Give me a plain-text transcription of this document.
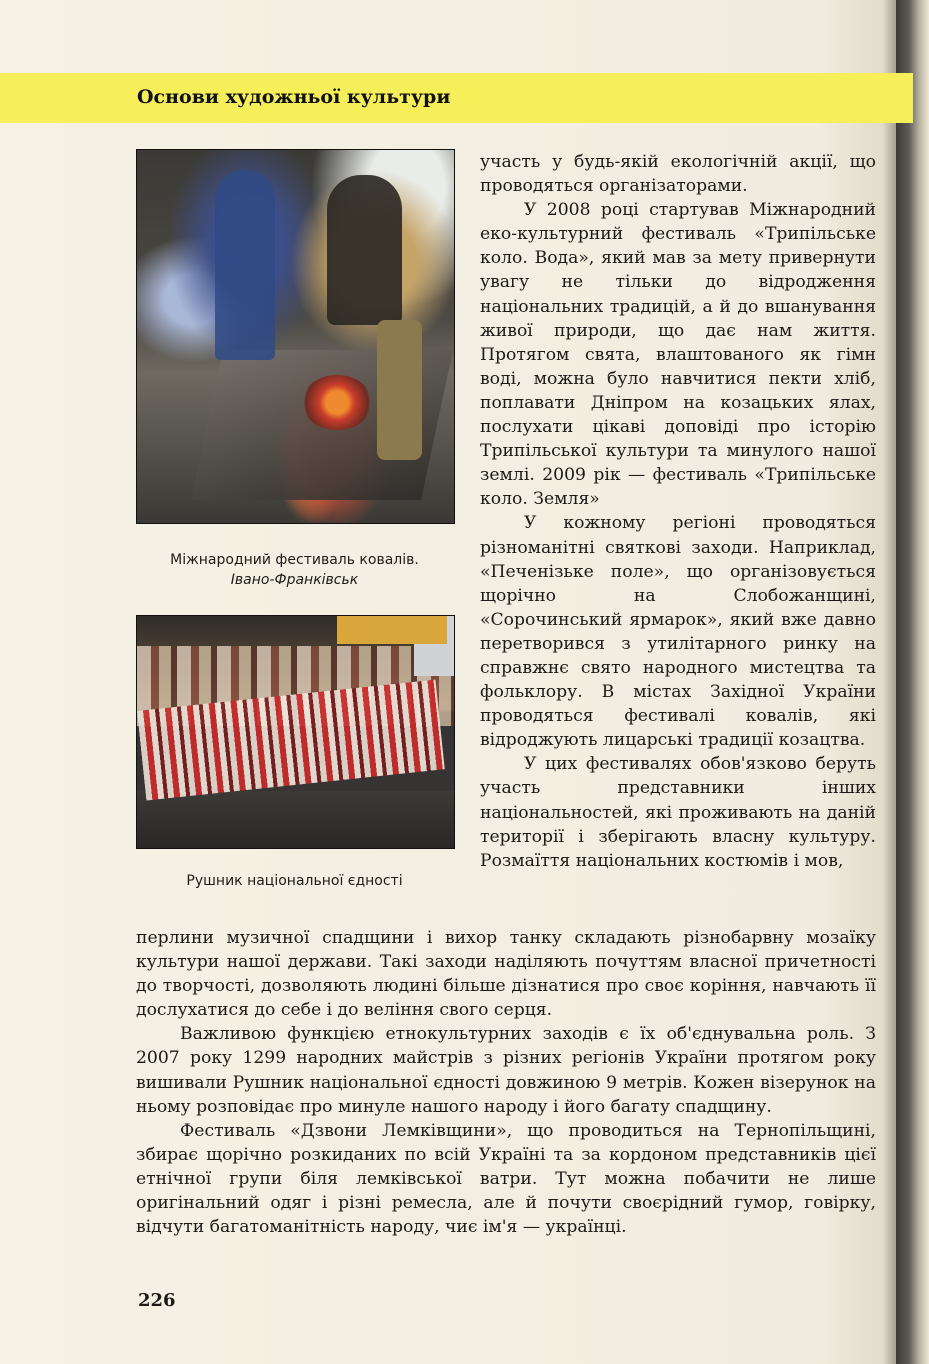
Основи художньої культури
Міжнародний фестиваль ковалів.
Івано-Франківськ
Рушник національної єдності

участь у будь-якій екологічній акції, що проводяться організаторами.

У 2008 році стартував Міжнародний еко-культурний фестиваль «Трипільське коло. Вода», який мав за мету привернути увагу не тільки до відродження національних традицій, а й до вшанування живої природи, що дає нам життя. Протягом свята, влаштованого як гімн воді, можна було навчитися пекти хліб, поплавати Дніпром на козацьких ялах, послухати цікаві доповіді про історію Трипільської культури та минулого нашої землі. 2009 рік — фестиваль «Трипільське коло. Земля»

У кожному регіоні проводяться різноманітні святкові заходи. Наприклад, «Печенізьке поле», що організовується щорічно на Слобожанщині, «Сорочинський ярмарок», який вже давно перетворився з утилітарного ринку на справжнє свято народного мистецтва та фольклору. В містах Західної України проводяться фестивалі ковалів, які відроджують лицарські традиції козацтва.

У цих фестивалях обов'язково беруть участь представники інших національностей, які проживають на даній території і зберігають власну культуру. Розмаїття національних костюмів і мов,

перлини музичної спадщини і вихор танку складають різнобарвну мозаїку культури нашої держави. Такі заходи наділяють почуттям власної причетності до творчості, дозволяють людині більше дізнатися про своє коріння, навчають її дослухатися до себе і до веління свого серця.

Важливою функцією етнокультурних заходів є їх об'єднувальна роль. З 2007 року 1299 народних майстрів з різних регіонів України протягом року вишивали Рушник національної єдності довжиною 9 метрів. Кожен візерунок на ньому розповідає про минуле нашого народу і його багату спадщину.

Фестиваль «Дзвони Лемківщини», що проводиться на Тернопільщині, збирає щорічно розкиданих по всій Україні та за кордоном представників цієї етнічної групи біля лемківської ватри. Тут можна побачити не лише оригінальний одяг і різні ремесла, але й почути своєрідний гумор, говірку, відчути багатоманітність народу, чиє ім'я — українці.

226
